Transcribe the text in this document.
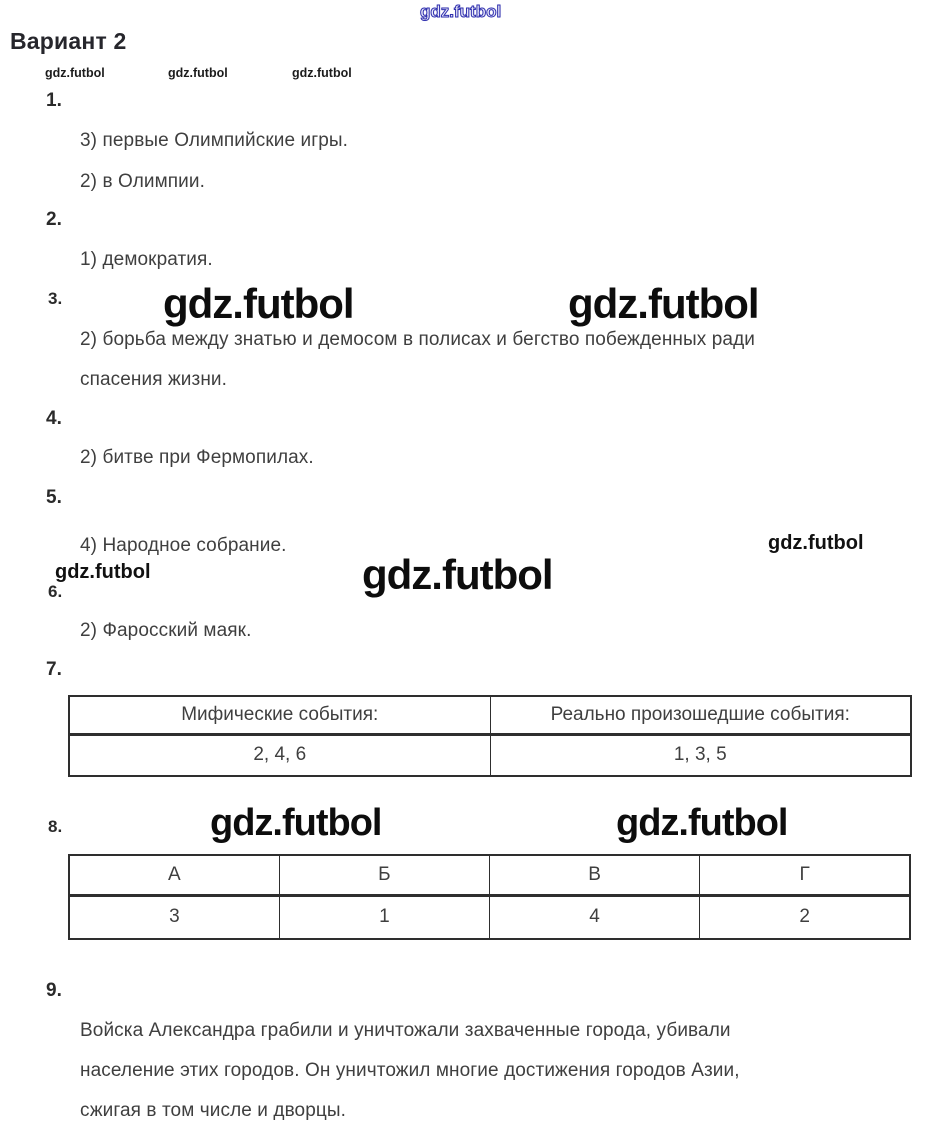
gdz.futbol
Вариант 2
gdz.futbol	gdz.futbol	gdz.futbol
1.
3) первые Олимпийские игры.
2) в Олимпии.
2.
1) демократия.
3. gdz.futbol	gdz.futbol
2) борьба между знатью и демосом в полисах и бегство побежденных ради
спасения жизни.
4.
2) битве при Фермопилах.
5.
4) Народное собрание.	gdz.futbol
gdz.futbol	gdz.futbol
6.
2) Фаросский маяк.
7.
Мифические события:	Реально произошедшие события:
2, 4, 6	1, 3, 5
8.	gdz.futbol	gdz.futbol
А	Б	В	Г
3	1	4	2
9.
Войска Александра грабили и уничтожали захваченные города, убивали
население этих городов. Он уничтожил многие достижения городов Азии,
сжигая в том числе и дворцы.
